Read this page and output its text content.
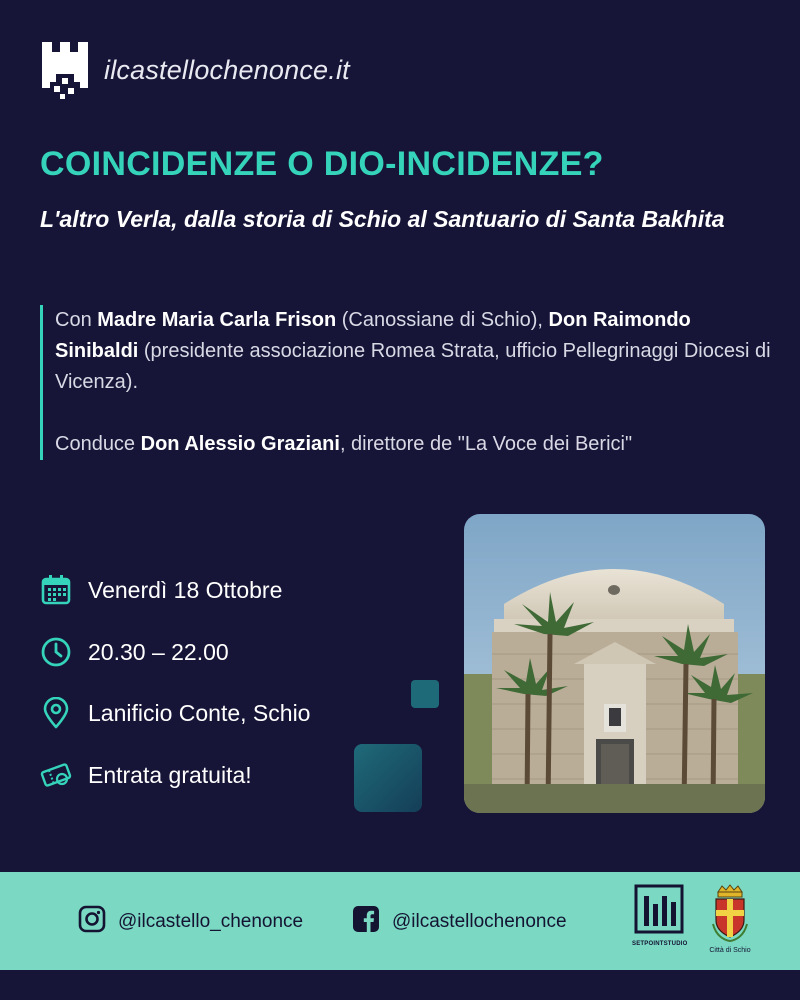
ilcastellochenonce.it
COINCIDENZE O DIO-INCIDENZE?
L'altro Verla, dalla storia di Schio al Santuario di Santa Bakhita
Con Madre Maria Carla Frison (Canossiane di Schio), Don Raimondo Sinibaldi (presidente associazione Romea Strata, ufficio Pellegrinaggi Diocesi di Vicenza).
Conduce Don Alessio Graziani, direttore de "La Voce dei Berici"
Venerdì 18 Ottobre
20.30 – 22.00
Lanificio Conte, Schio
Entrata gratuita!
@ilcastello_chenonce	@ilcastellochenonce
SETPOINTSTUDIO
Città di Schio
